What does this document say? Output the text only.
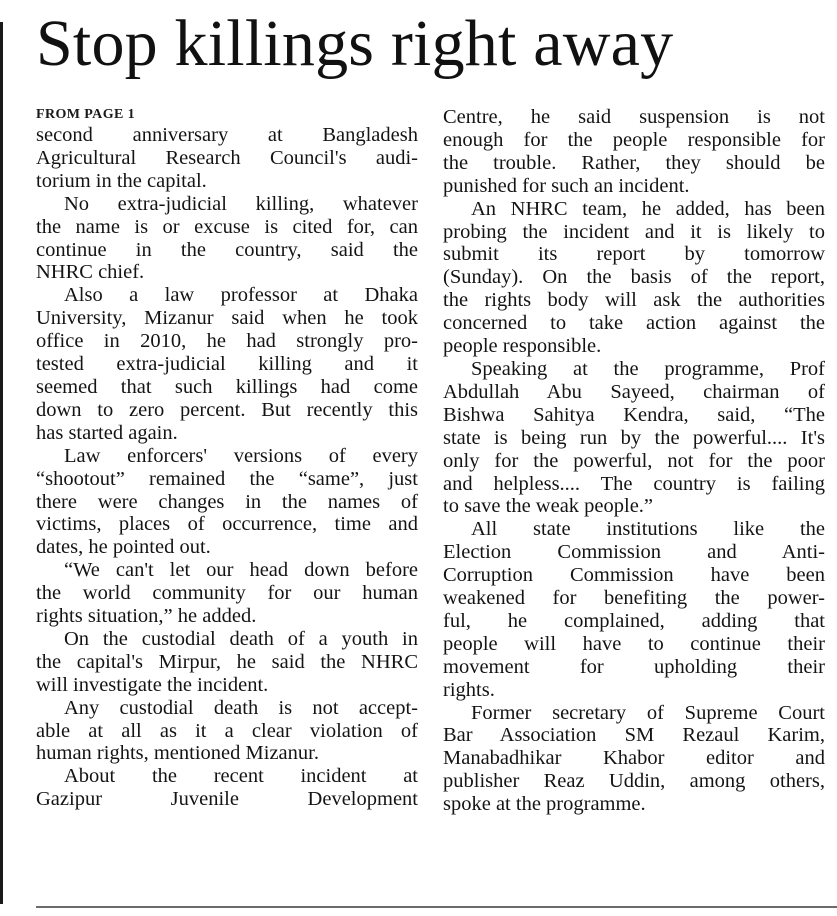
Stop killings right away
FROM PAGE 1
second anniversary at Bangladesh
Agricultural Research Council's audi-
torium in the capital.
No extra-judicial killing, whatever
the name is or excuse is cited for, can
continue in the country, said the
NHRC chief.
Also a law professor at Dhaka
University, Mizanur said when he took
office in 2010, he had strongly pro-
tested extra-judicial killing and it
seemed that such killings had come
down to zero percent. But recently this
has started again.
Law enforcers' versions of every
“shootout” remained the “same”, just
there were changes in the names of
victims, places of occurrence, time and
dates, he pointed out.
“We can't let our head down before
the world community for our human
rights situation,” he added.
On the custodial death of a youth in
the capital's Mirpur, he said the NHRC
will investigate the incident.
Any custodial death is not accept-
able at all as it a clear violation of
human rights, mentioned Mizanur.
About the recent incident at
Gazipur Juvenile Development
Centre, he said suspension is not
enough for the people responsible for
the trouble. Rather, they should be
punished for such an incident.
An NHRC team, he added, has been
probing the incident and it is likely to
submit its report by tomorrow
(Sunday). On the basis of the report,
the rights body will ask the authorities
concerned to take action against the
people responsible.
Speaking at the programme, Prof
Abdullah Abu Sayeed, chairman of
Bishwa Sahitya Kendra, said, “The
state is being run by the powerful.... It's
only for the powerful, not for the poor
and helpless.... The country is failing
to save the weak people.”
All state institutions like the
Election Commission and Anti-
Corruption Commission have been
weakened for benefiting the power-
ful, he complained, adding that
people will have to continue their
movement for upholding their
rights.
Former secretary of Supreme Court
Bar Association SM Rezaul Karim,
Manabadhikar Khabor editor and
publisher Reaz Uddin, among others,
spoke at the programme.
